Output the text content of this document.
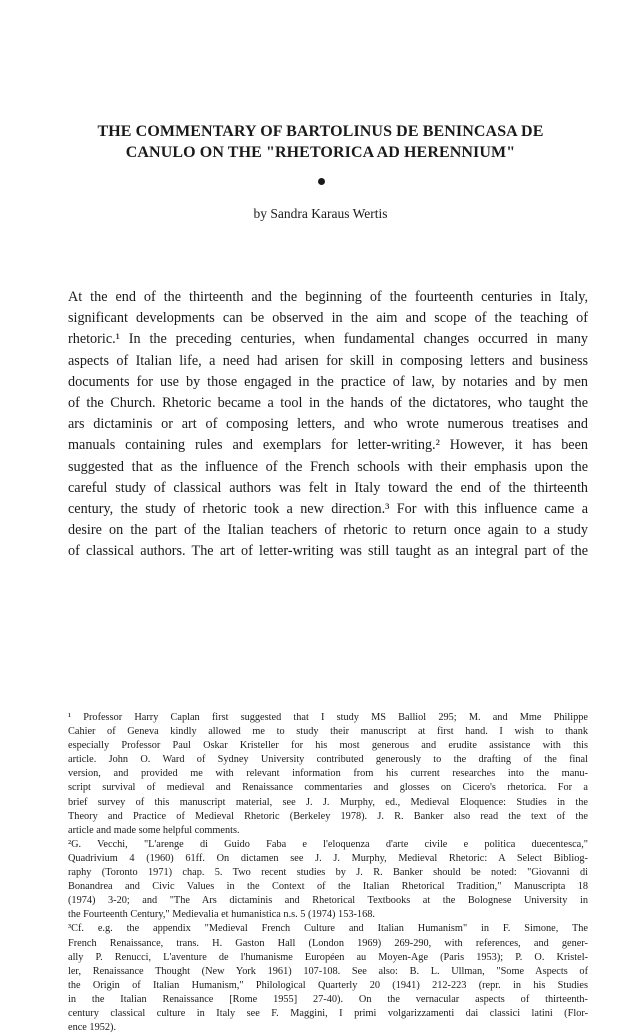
THE COMMENTARY OF BARTOLINUS DE BENINCASA DE
CANULO ON THE "RHETORICA AD HERENNIUM"
by Sandra Karaus Wertis
At the end of the thirteenth and the beginning of the fourteenth centuries in Italy,
significant developments can be observed in the aim and scope of the teaching of
rhetoric.¹ In the preceding centuries, when fundamental changes occurred in many
aspects of Italian life, a need had arisen for skill in composing letters and business
documents for use by those engaged in the practice of law, by notaries and by men
of the Church. Rhetoric became a tool in the hands of the dictatores, who taught the
ars dictaminis or art of composing letters, and who wrote numerous treatises and
manuals containing rules and exemplars for letter-writing.² However, it has been
suggested that as the influence of the French schools with their emphasis upon the
careful study of classical authors was felt in Italy toward the end of the thirteenth
century, the study of rhetoric took a new direction.³ For with this influence came a
desire on the part of the Italian teachers of rhetoric to return once again to a study
of classical authors. The art of letter-writing was still taught as an integral part of the
¹ Professor Harry Caplan first suggested that I study MS Balliol 295; M. and Mme Philippe
Cahier of Geneva kindly allowed me to study their manuscript at first hand. I wish to thank
especially Professor Paul Oskar Kristeller for his most generous and erudite assistance with this
article. John O. Ward of Sydney University contributed generously to the drafting of the final
version, and provided me with relevant information from his current researches into the manu-
script survival of medieval and Renaissance commentaries and glosses on Cicero's rhetorica. For a
brief survey of this manuscript material, see J. J. Murphy, ed., Medieval Eloquence: Studies in the
Theory and Practice of Medieval Rhetoric (Berkeley 1978). J. R. Banker also read the text of the
article and made some helpful comments.
²G. Vecchi, "L'arenge di Guido Faba e l'eloquenza d'arte civile e politica duecentesca,"
Quadrivium 4 (1960) 61ff. On dictamen see J. J. Murphy, Medieval Rhetoric: A Select Bibliog-
raphy (Toronto 1971) chap. 5. Two recent studies by J. R. Banker should be noted: "Giovanni di
Bonandrea and Civic Values in the Context of the Italian Rhetorical Tradition," Manuscripta 18
(1974) 3-20; and "The Ars dictaminis and Rhetorical Textbooks at the Bolognese University in
the Fourteenth Century," Medievalia et humanistica n.s. 5 (1974) 153-168.
³Cf. e.g. the appendix "Medieval French Culture and Italian Humanism" in F. Simone, The
French Renaissance, trans. H. Gaston Hall (London 1969) 269-290, with references, and gener-
ally P. Renucci, L'aventure de l'humanisme Européen au Moyen-Age (Paris 1953); P. O. Kristel-
ler, Renaissance Thought (New York 1961) 107-108. See also: B. L. Ullman, "Some Aspects of
the Origin of Italian Humanism," Philological Quarterly 20 (1941) 212-223 (repr. in his Studies
in the Italian Renaissance [Rome 1955] 27-40). On the vernacular aspects of thirteenth-
century classical culture in Italy see F. Maggini, I primi volgarizzamenti dai classici latini (Flor-
ence 1952).
